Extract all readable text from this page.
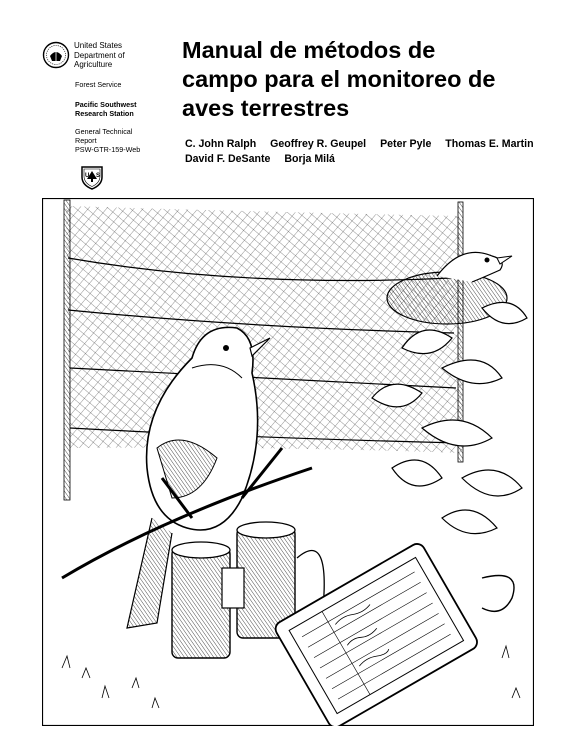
United States
Department of
Agriculture
Forest Service
Pacific Southwest
Research Station
General Technical
Report
PSW-GTR-159-Web
U S
Manual de métodos de
campo para el monitoreo de
aves terrestres

C. John Ralph Geoffrey R. Geupel Peter Pyle Thomas E. Martin David F. DeSante Borja Milá
